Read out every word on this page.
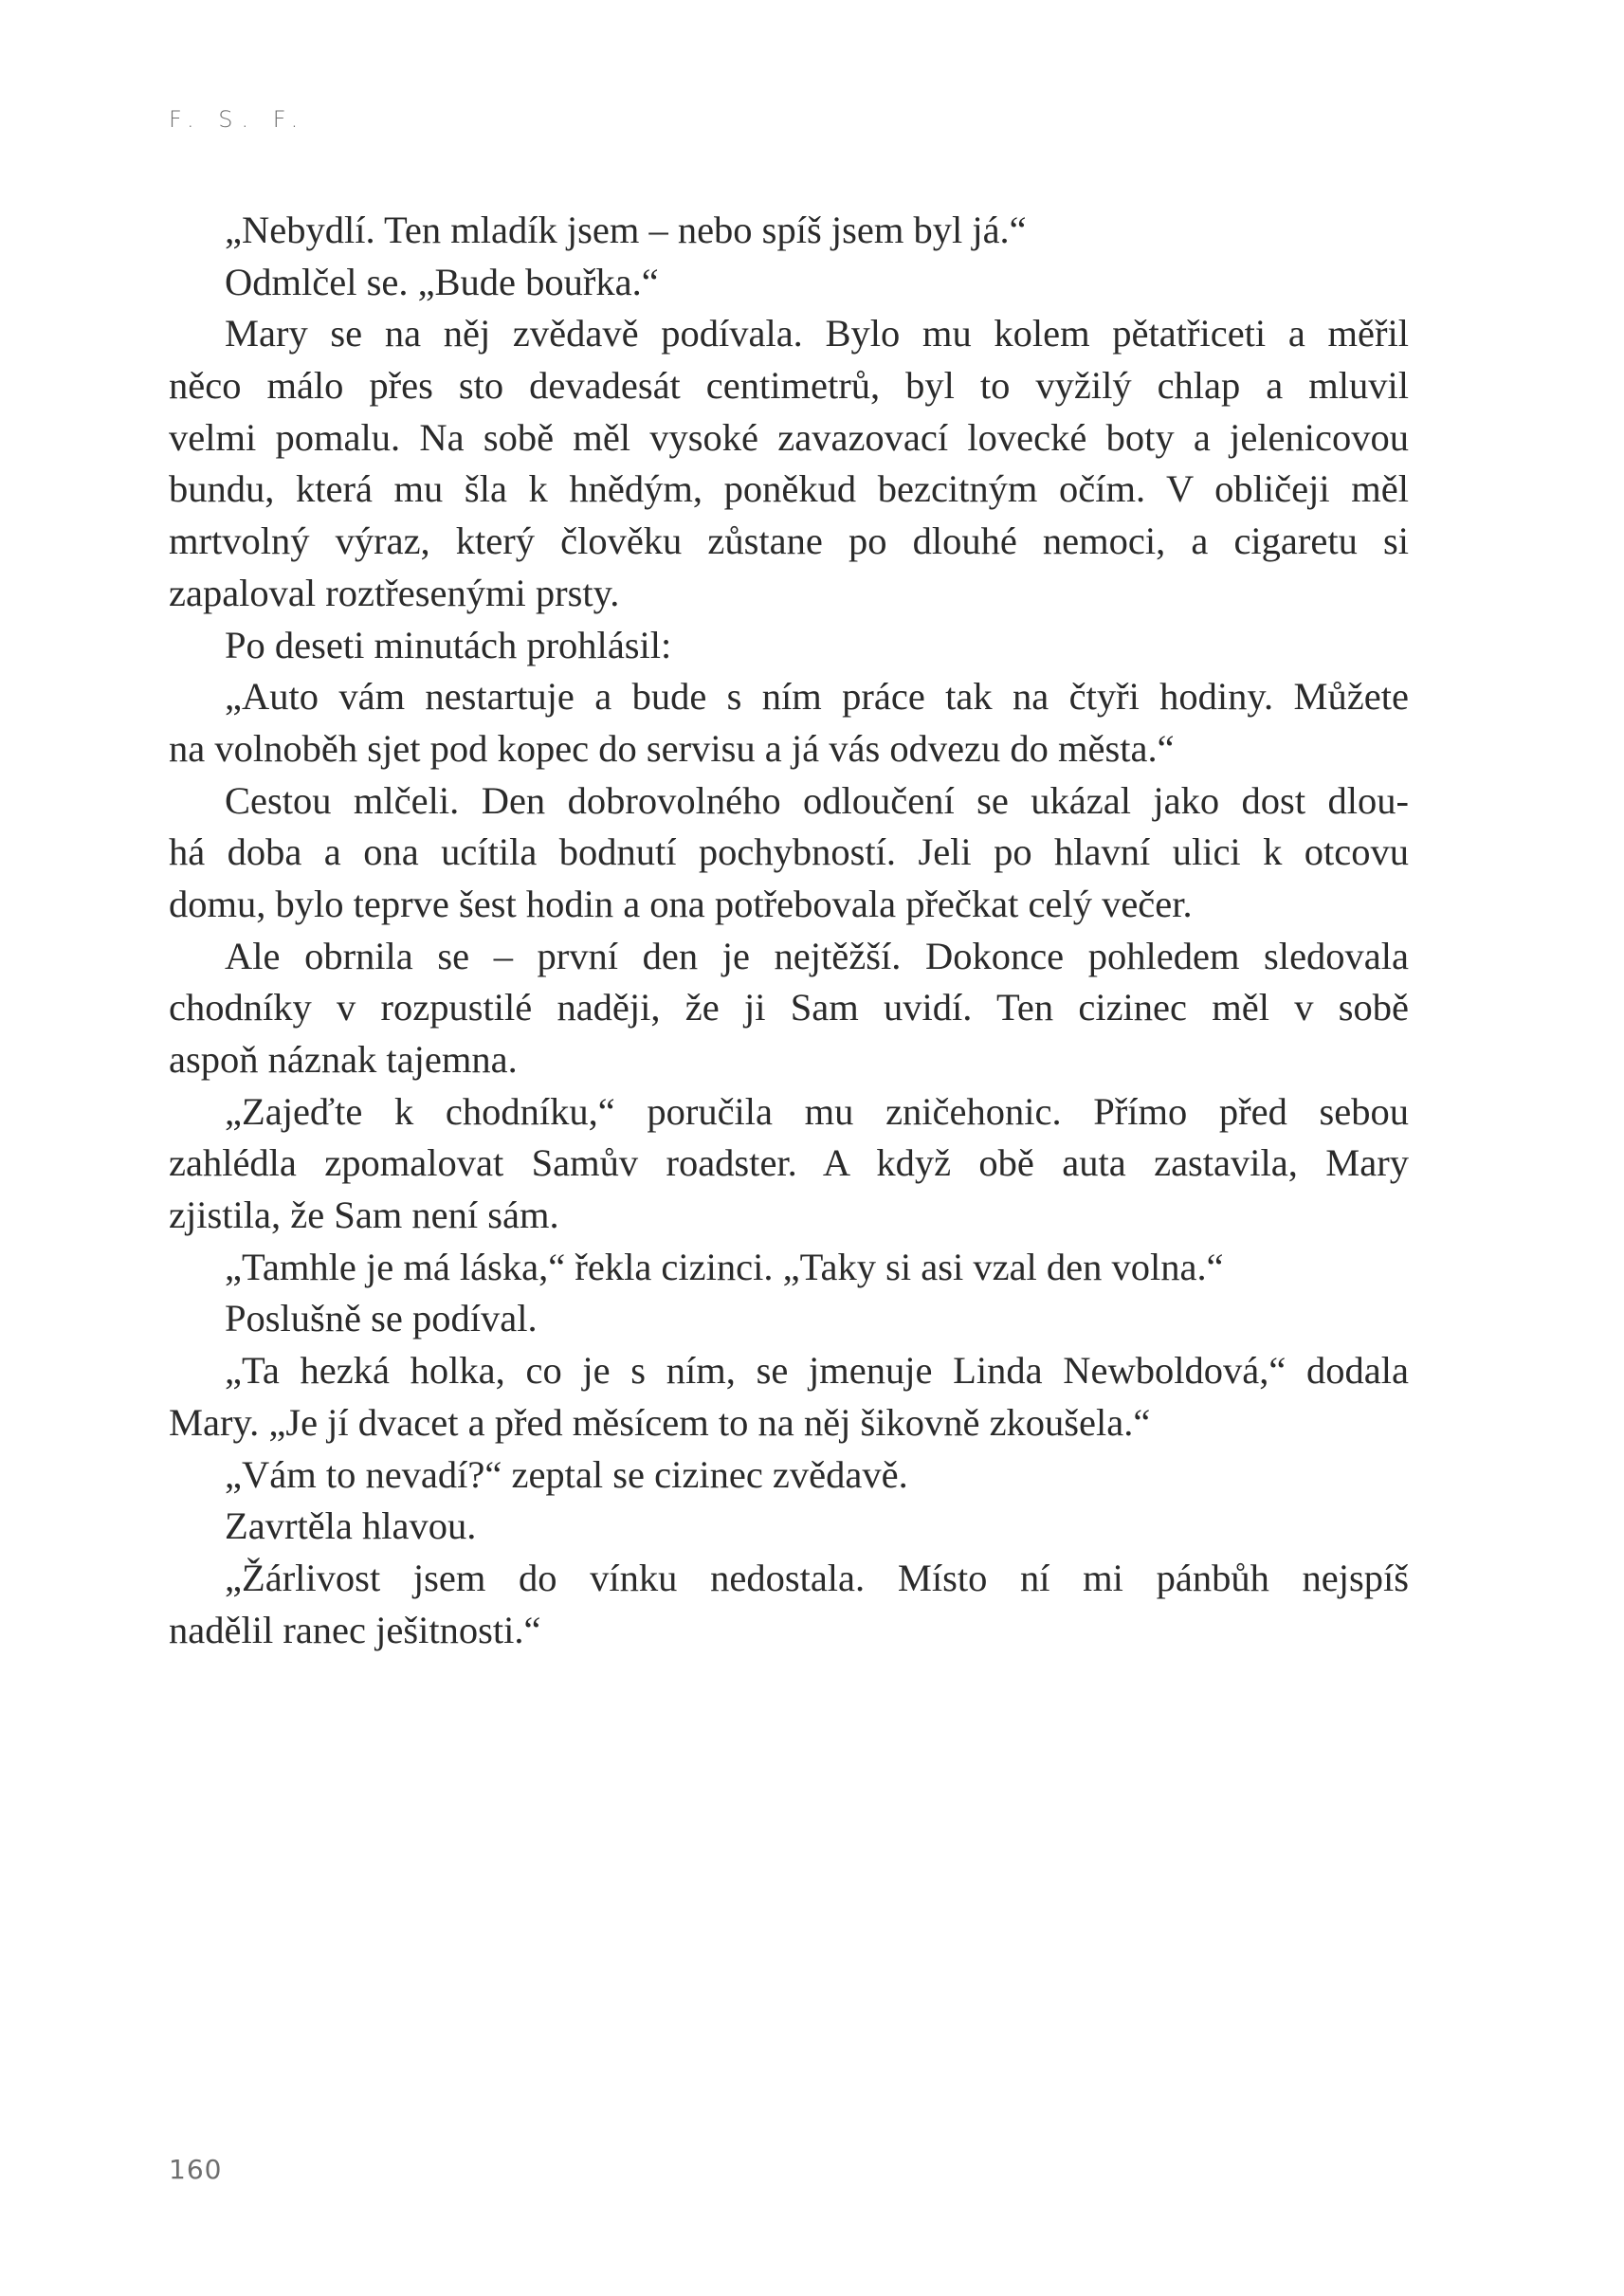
F. S. F.
„Nebydlí. Ten mladík jsem – nebo spíš jsem byl já.“
Odmlčel se. „Bude bouřka.“
Mary se na něj zvědavě podívala. Bylo mu kolem pětatřiceti a měřil
něco málo přes sto devadesát centimetrů, byl to vyžilý chlap a mluvil
velmi pomalu. Na sobě měl vysoké zavazovací lovecké boty a jelenicovou
bundu, která mu šla k hnědým, poněkud bezcitným očím. V obličeji měl
mrtvolný výraz, který člověku zůstane po dlouhé nemoci, a cigaretu si
zapaloval roztřesenými prsty.
Po deseti minutách prohlásil:
„Auto vám nestartuje a bude s ním práce tak na čtyři hodiny. Můžete
na volnoběh sjet pod kopec do servisu a já vás odvezu do města.“
Cestou mlčeli. Den dobrovolného odloučení se ukázal jako dost dlou-
há doba a ona ucítila bodnutí pochybností. Jeli po hlavní ulici k otcovu
domu, bylo teprve šest hodin a ona potřebovala přečkat celý večer.
Ale obrnila se – první den je nejtěžší. Dokonce pohledem sledovala
chodníky v rozpustilé naději, že ji Sam uvidí. Ten cizinec měl v sobě
aspoň náznak tajemna.
„Zajeďte k chodníku,“ poručila mu zničehonic. Přímo před sebou
zahlédla zpomalovat Samův roadster. A když obě auta zastavila, Mary
zjistila, že Sam není sám.
„Tamhle je má láska,“ řekla cizinci. „Taky si asi vzal den volna.“
Poslušně se podíval.
„Ta hezká holka, co je s ním, se jmenuje Linda Newboldová,“ dodala
Mary. „Je jí dvacet a před měsícem to na něj šikovně zkoušela.“
„Vám to nevadí?“ zeptal se cizinec zvědavě.
Zavrtěla hlavou.
„Žárlivost jsem do vínku nedostala. Místo ní mi pánbůh nejspíš
nadělil ranec ješitnosti.“
160
